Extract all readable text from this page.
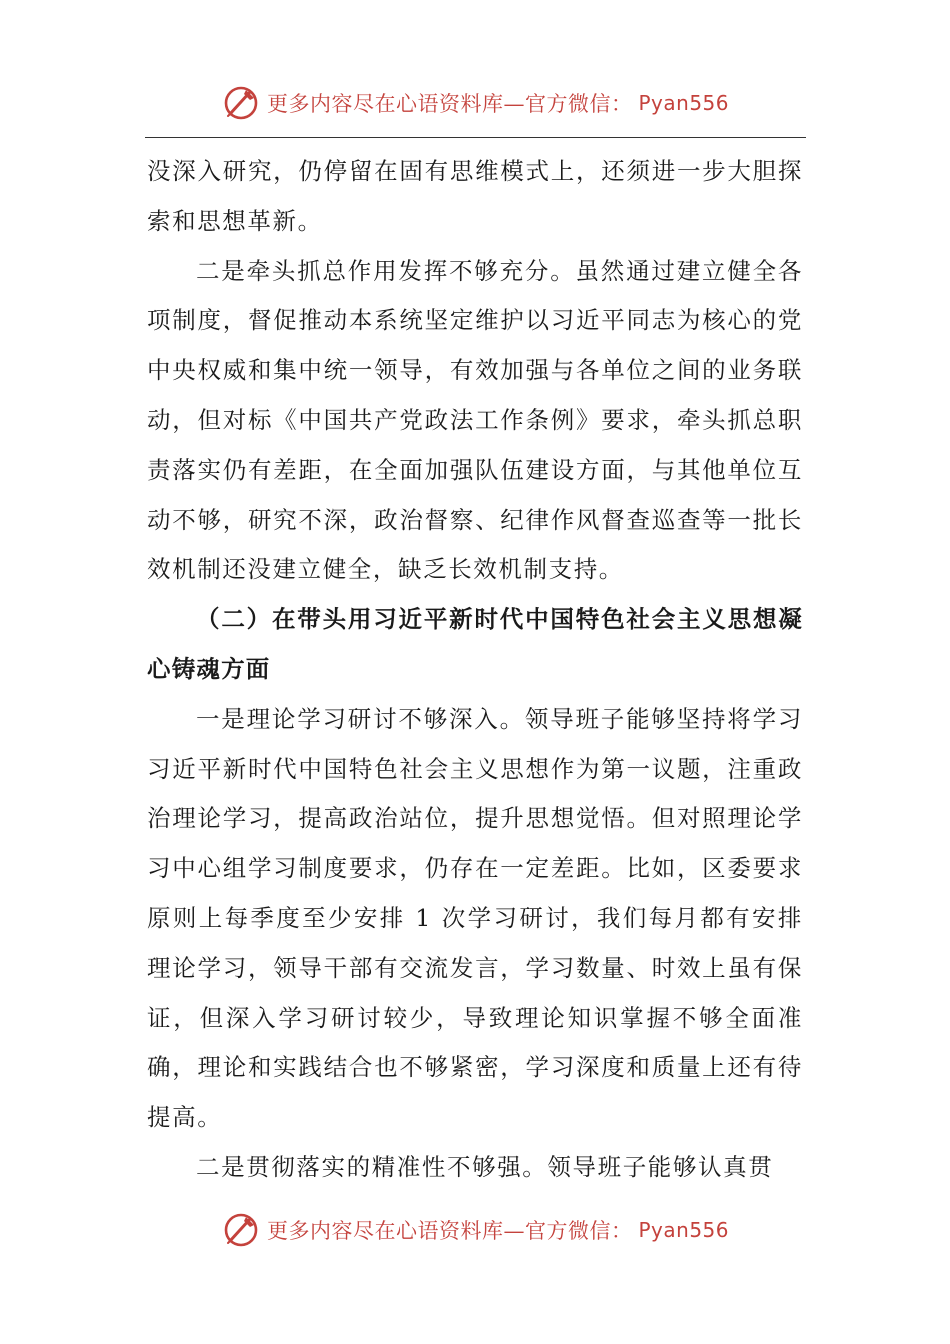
更多内容尽在心语资料库—官方微信： Pyan556

没深入研究，仍停留在固有思维模式上，还须进一步大胆探索和思想革新。

二是牵头抓总作用发挥不够充分。虽然通过建立健全各项制度，督促推动本系统坚定维护以习近平同志为核心的党中央权威和集中统一领导，有效加强与各单位之间的业务联动，但对标《中国共产党政法工作条例》要求，牵头抓总职责落实仍有差距，在全面加强队伍建设方面，与其他单位互动不够，研究不深，政治督察、纪律作风督查巡查等一批长效机制还没建立健全，缺乏长效机制支持。

（二）在带头用习近平新时代中国特色社会主义思想凝心铸魂方面

一是理论学习研讨不够深入。领导班子能够坚持将学习习近平新时代中国特色社会主义思想作为第一议题，注重政治理论学习，提高政治站位，提升思想觉悟。但对照理论学习中心组学习制度要求，仍存在一定差距。比如，区委要求原则上每季度至少安排 1 次学习研讨，我们每月都有安排理论学习，领导干部有交流发言，学习数量、时效上虽有保证，但深入学习研讨较少，导致理论知识掌握不够全面准确，理论和实践结合也不够紧密，学习深度和质量上还有待提高。

二是贯彻落实的精准性不够强。领导班子能够认真贯

更多内容尽在心语资料库—官方微信： Pyan556
